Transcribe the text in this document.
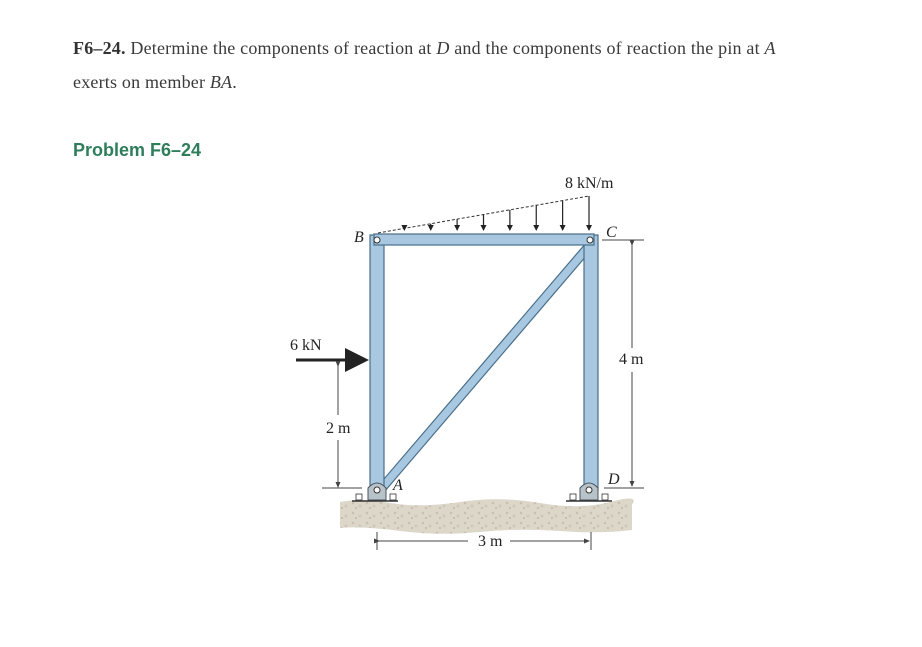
F6–24. Determine the components of reaction at D and the components of reaction the pin at A
exerts on member BA.
Problem F6–24
6 kN
2 m
4 m
3 m
8 kN/m
B	C
A	D
